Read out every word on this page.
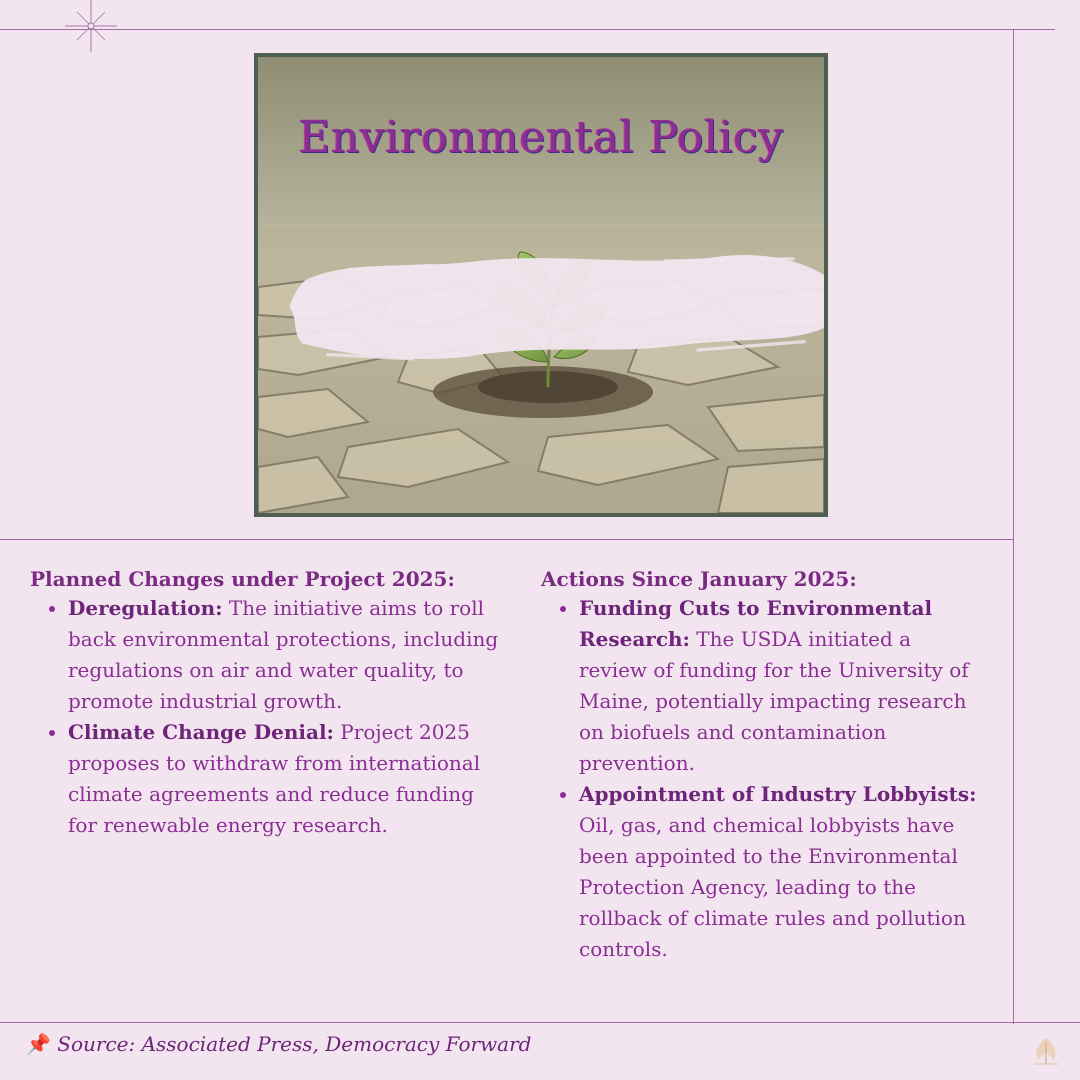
Environmental Policy
Planned Changes under Project 2025:
• Deregulation: The initiative aims to roll back environmental protections, including regulations on air and water quality, to promote industrial growth.
• Climate Change Denial: Project 2025 proposes to withdraw from international climate agreements and reduce funding for renewable energy research.
Actions Since January 2025:
• Funding Cuts to Environmental Research: The USDA initiated a review of funding for the University of Maine, potentially impacting research on biofuels and contamination prevention.
• Appointment of Industry Lobbyists: Oil, gas, and chemical lobbyists have been appointed to the Environmental Protection Agency, leading to the rollback of climate rules and pollution controls.
📌 Source: Associated Press, Democracy Forward
